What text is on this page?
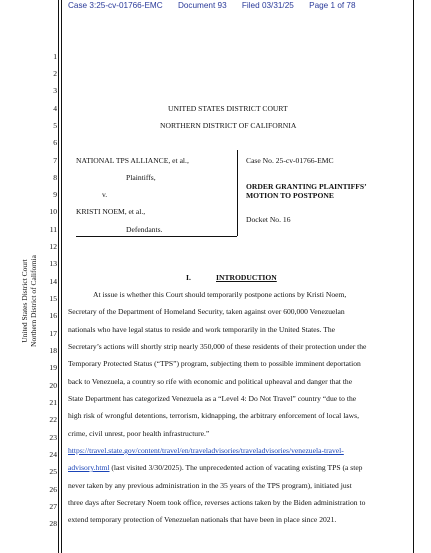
Case 3:25-cv-01766-EMC Document 93 Filed 03/31/25 Page 1 of 78
United States District Court Northern District of California
1
2
3
4
5
6
7
8
9
10
11
12
13
14
15
16
17
18
19
20
21
22
23
24
25
26
27
28
UNITED STATES DISTRICT COURT
NORTHERN DISTRICT OF CALIFORNIA
NATIONAL TPS ALLIANCE, et al.,
Plaintiffs,
v.
KRISTI NOEM, et al.,
Defendants.
Case No. 25-cv-01766-EMC
ORDER GRANTING PLAINTIFFS’
MOTION TO POSTPONE
Docket No. 16
I.	INTRODUCTION
At issue is whether this Court should temporarily postpone actions by Kristi Noem,
Secretary of the Department of Homeland Security, taken against over 600,000 Venezuelan
nationals who have legal status to reside and work temporarily in the United States. The
Secretary’s actions will shortly strip nearly 350,000 of these residents of their protection under the
Temporary Protected Status (“TPS”) program, subjecting them to possible imminent deportation
back to Venezuela, a country so rife with economic and political upheaval and danger that the
State Department has categorized Venezuela as a “Level 4: Do Not Travel” country “due to the
high risk of wrongful detentions, terrorism, kidnapping, the arbitrary enforcement of local laws,
crime, civil unrest, poor health infrastructure.”
https://travel.state.gov/content/travel/en/traveladvisories/traveladvisories/venezuela-travel-
advisory.html (last visited 3/30/2025). The unprecedented action of vacating existing TPS (a step
never taken by any previous administration in the 35 years of the TPS program), initiated just
three days after Secretary Noem took office, reverses actions taken by the Biden administration to
extend temporary protection of Venezuelan nationals that have been in place since 2021.
